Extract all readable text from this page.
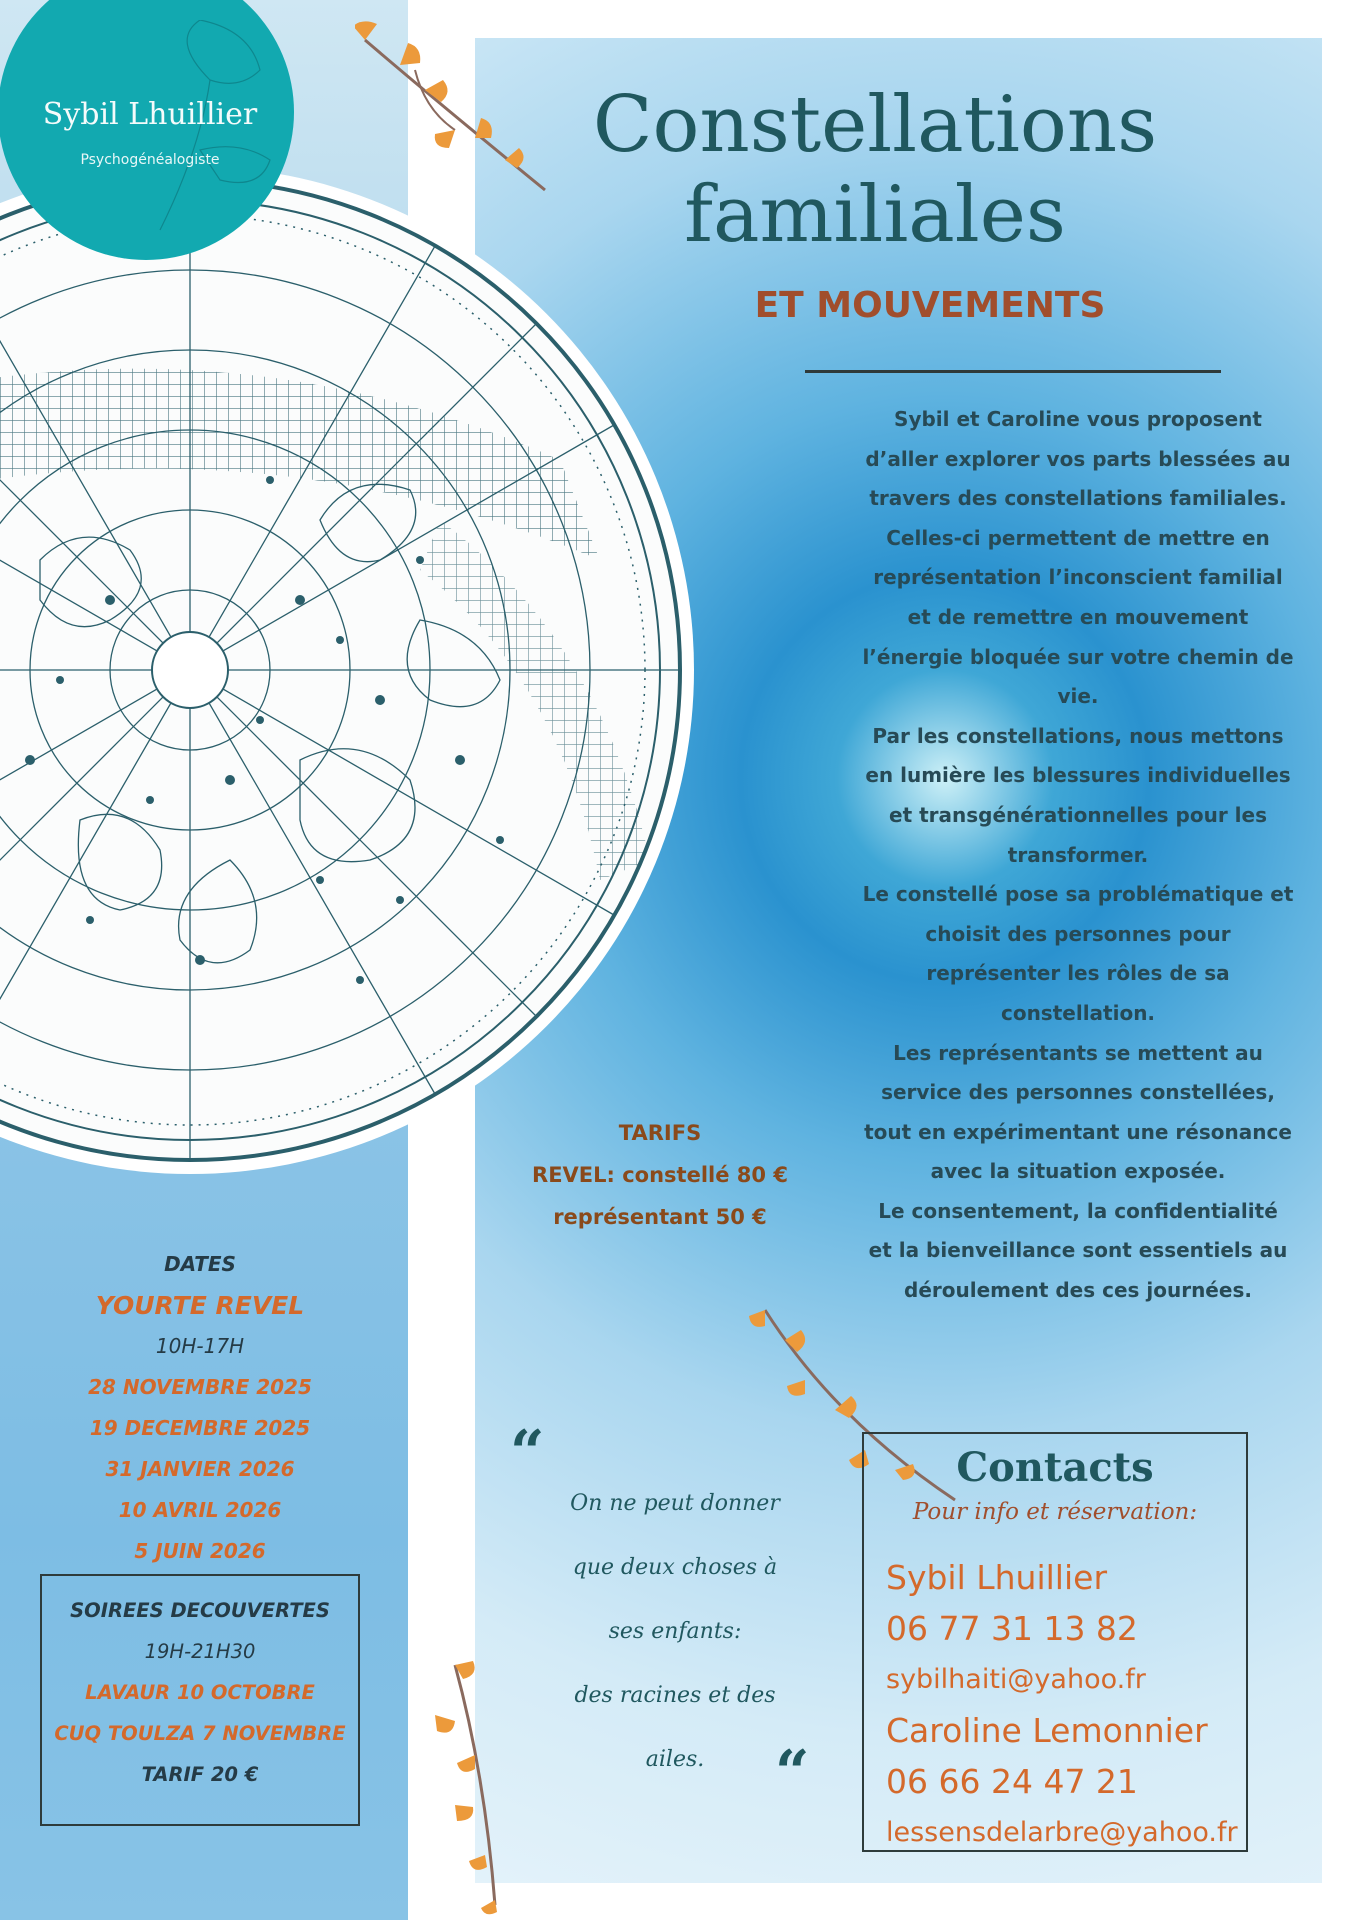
Sybil Lhuillier
Psychogénéalogiste	Constellations
familiales
ET MOUVEMENTS
Sybil et Caroline vous proposent
d’aller explorer vos parts blessées au
travers des constellations familiales.
Celles-ci permettent de mettre en
représentation l’inconscient familial
et de remettre en mouvement
l’énergie bloquée sur votre chemin de
vie.
Par les constellations, nous mettons
en lumière les blessures individuelles
et transgénérationnelles pour les
transformer.
Le constellé pose sa problématique et
choisit des personnes pour
représenter les rôles de sa
constellation.
Les représentants se mettent au
service des personnes constellées,
tout en expérimentant une résonance
avec la situation exposée.
Le consentement, la confidentialité
et la bienveillance sont essentiels au
déroulement des ces journées.
TARIFS
REVEL: constellé 80 €
représentant 50 €
DATES
YOURTE REVEL
10H-17H
28 NOVEMBRE 2025
19 DECEMBRE 2025
31 JANVIER 2026
10 AVRIL 2026
5 JUIN 2026
SOIREES DECOUVERTES
19H-21H30
LAVAUR 10 OCTOBRE
CUQ TOULZA 7 NOVEMBRE
TARIF 20 €
“
On ne peut donner
que deux choses à
ses enfants:
des racines et des
ailes.	“
Contacts
Pour info et réservation:
Sybil Lhuillier
06 77 31 13 82
sybilhaiti@yahoo.fr
Caroline Lemonnier
06 66 24 47 21
lessensdelarbre@yahoo.fr
